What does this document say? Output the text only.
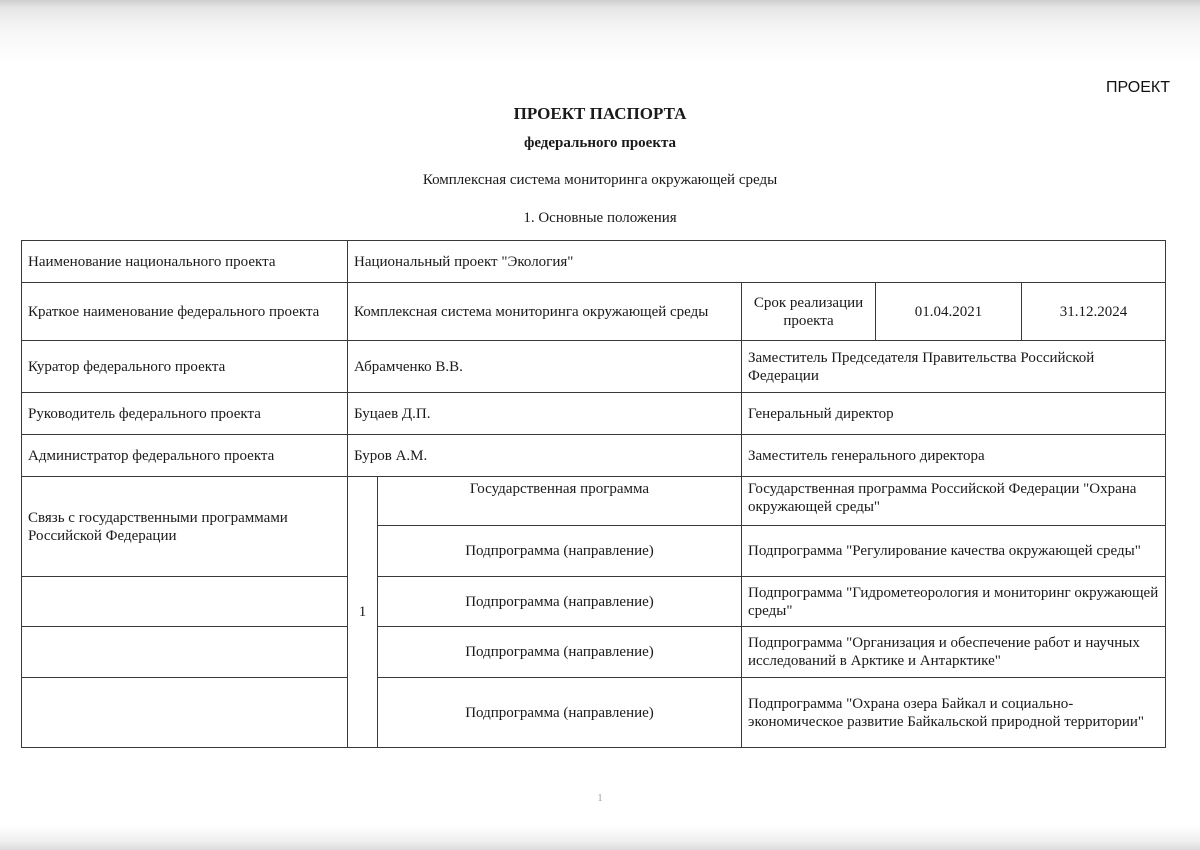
ПРОЕКТ
ПРОЕКТ ПАСПОРТА
федерального проекта
Комплексная система мониторинга окружающей среды
1. Основные положения
Наименование национального проекта	Национальный проект "Экология"				
Краткое наименование федерального проекта	Комплексная система мониторинга окружающей среды		Срок реализации проекта	01.04.2021	31.12.2024
Куратор федерального проекта	Абрамченко В.В.		Заместитель Председателя Правительства Российской Федерации		
Руководитель федерального проекта	Буцаев Д.П.		Генеральный директор		
Администратор федерального проекта	Буров А.М.		Заместитель генерального директора		
Связь с государственными программами Российской Федерации	1	Государственная программа	Государственная программа Российской Федерации "Охрана окружающей среды"		
		Подпрограмма (направление)	Подпрограмма "Регулирование качества окружающей среды"		
		Подпрограмма (направление)	Подпрограмма "Гидрометеорология и мониторинг окружающей среды"		
		Подпрограмма (направление)	Подпрограмма "Организация и обеспечение работ и научных исследований в Арктике и Антарктике"		
		Подпрограмма (направление)	Подпрограмма "Охрана озера Байкал и социально-экономическое развитие Байкальской природной территории"		
1
